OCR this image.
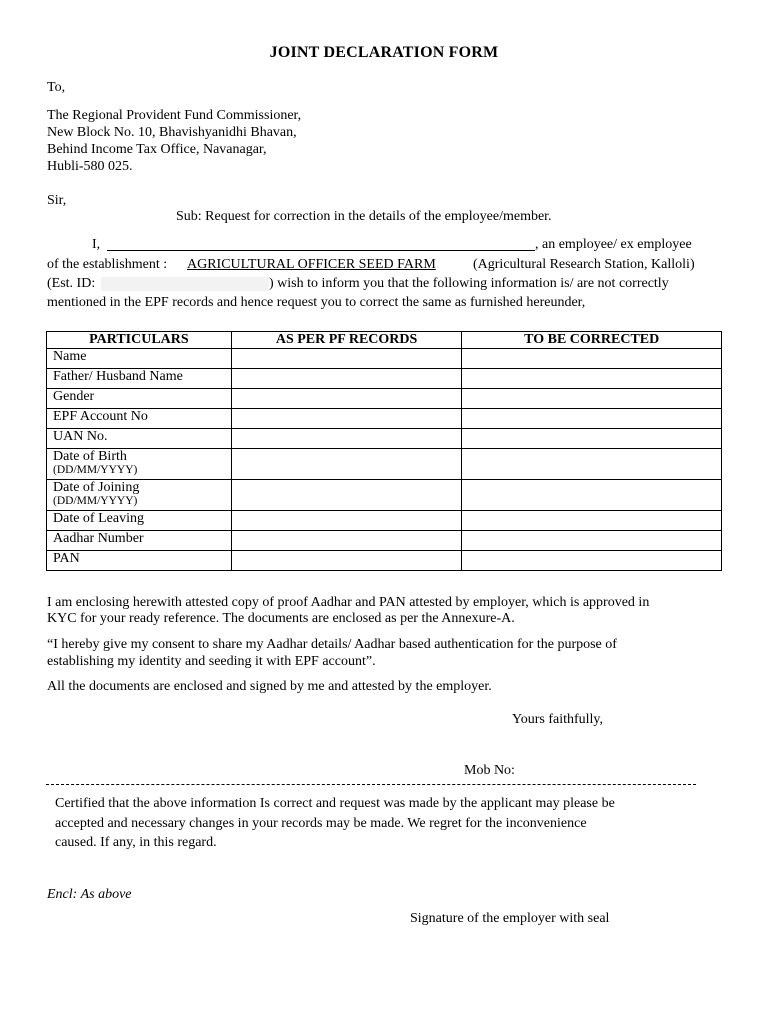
JOINT DECLARATION FORM
To,
The Regional Provident Fund Commissioner,
New Block No. 10, Bhavishyanidhi Bhavan,
Behind Income Tax Office, Navanagar,
Hubli-580 025.
Sir,
Sub: Request for correction in the details of the employee/member.
I,	, an employee/ ex employee
of the establishment : AGRICULTURAL OFFICER SEED FARM	(Agricultural Research Station, Kalloli)
(Est. ID:	) wish to inform you that the following information is/ are not correctly
mentioned in the EPF records and hence request you to correct the same as furnished hereunder,
PARTICULARS	AS PER PF RECORDS	TO BE CORRECTED
Name		
Father/ Husband Name		
Gender		
EPF Account No		
UAN No.		
Date of Birth
(DD/MM/YYYY)		

Date of Joining
(DD/MM/YYYY)		

Date of Leaving		
Aadhar Number		
PAN		
I am enclosing herewith attested copy of proof Aadhar and PAN attested by employer, which is approved in
KYC for your ready reference. The documents are enclosed as per the Annexure-A.
“I hereby give my consent to share my Aadhar details/ Aadhar based authentication for the purpose of
establishing my identity and seeding it with EPF account”.
All the documents are enclosed and signed by me and attested by the employer.
Yours faithfully,
Mob No:
Certified that the above information Is correct and request was made by the applicant may please be
accepted and necessary changes in your records may be made. We regret for the inconvenience
caused. If any, in this regard.
Encl: As above
Signature of the employer with seal
